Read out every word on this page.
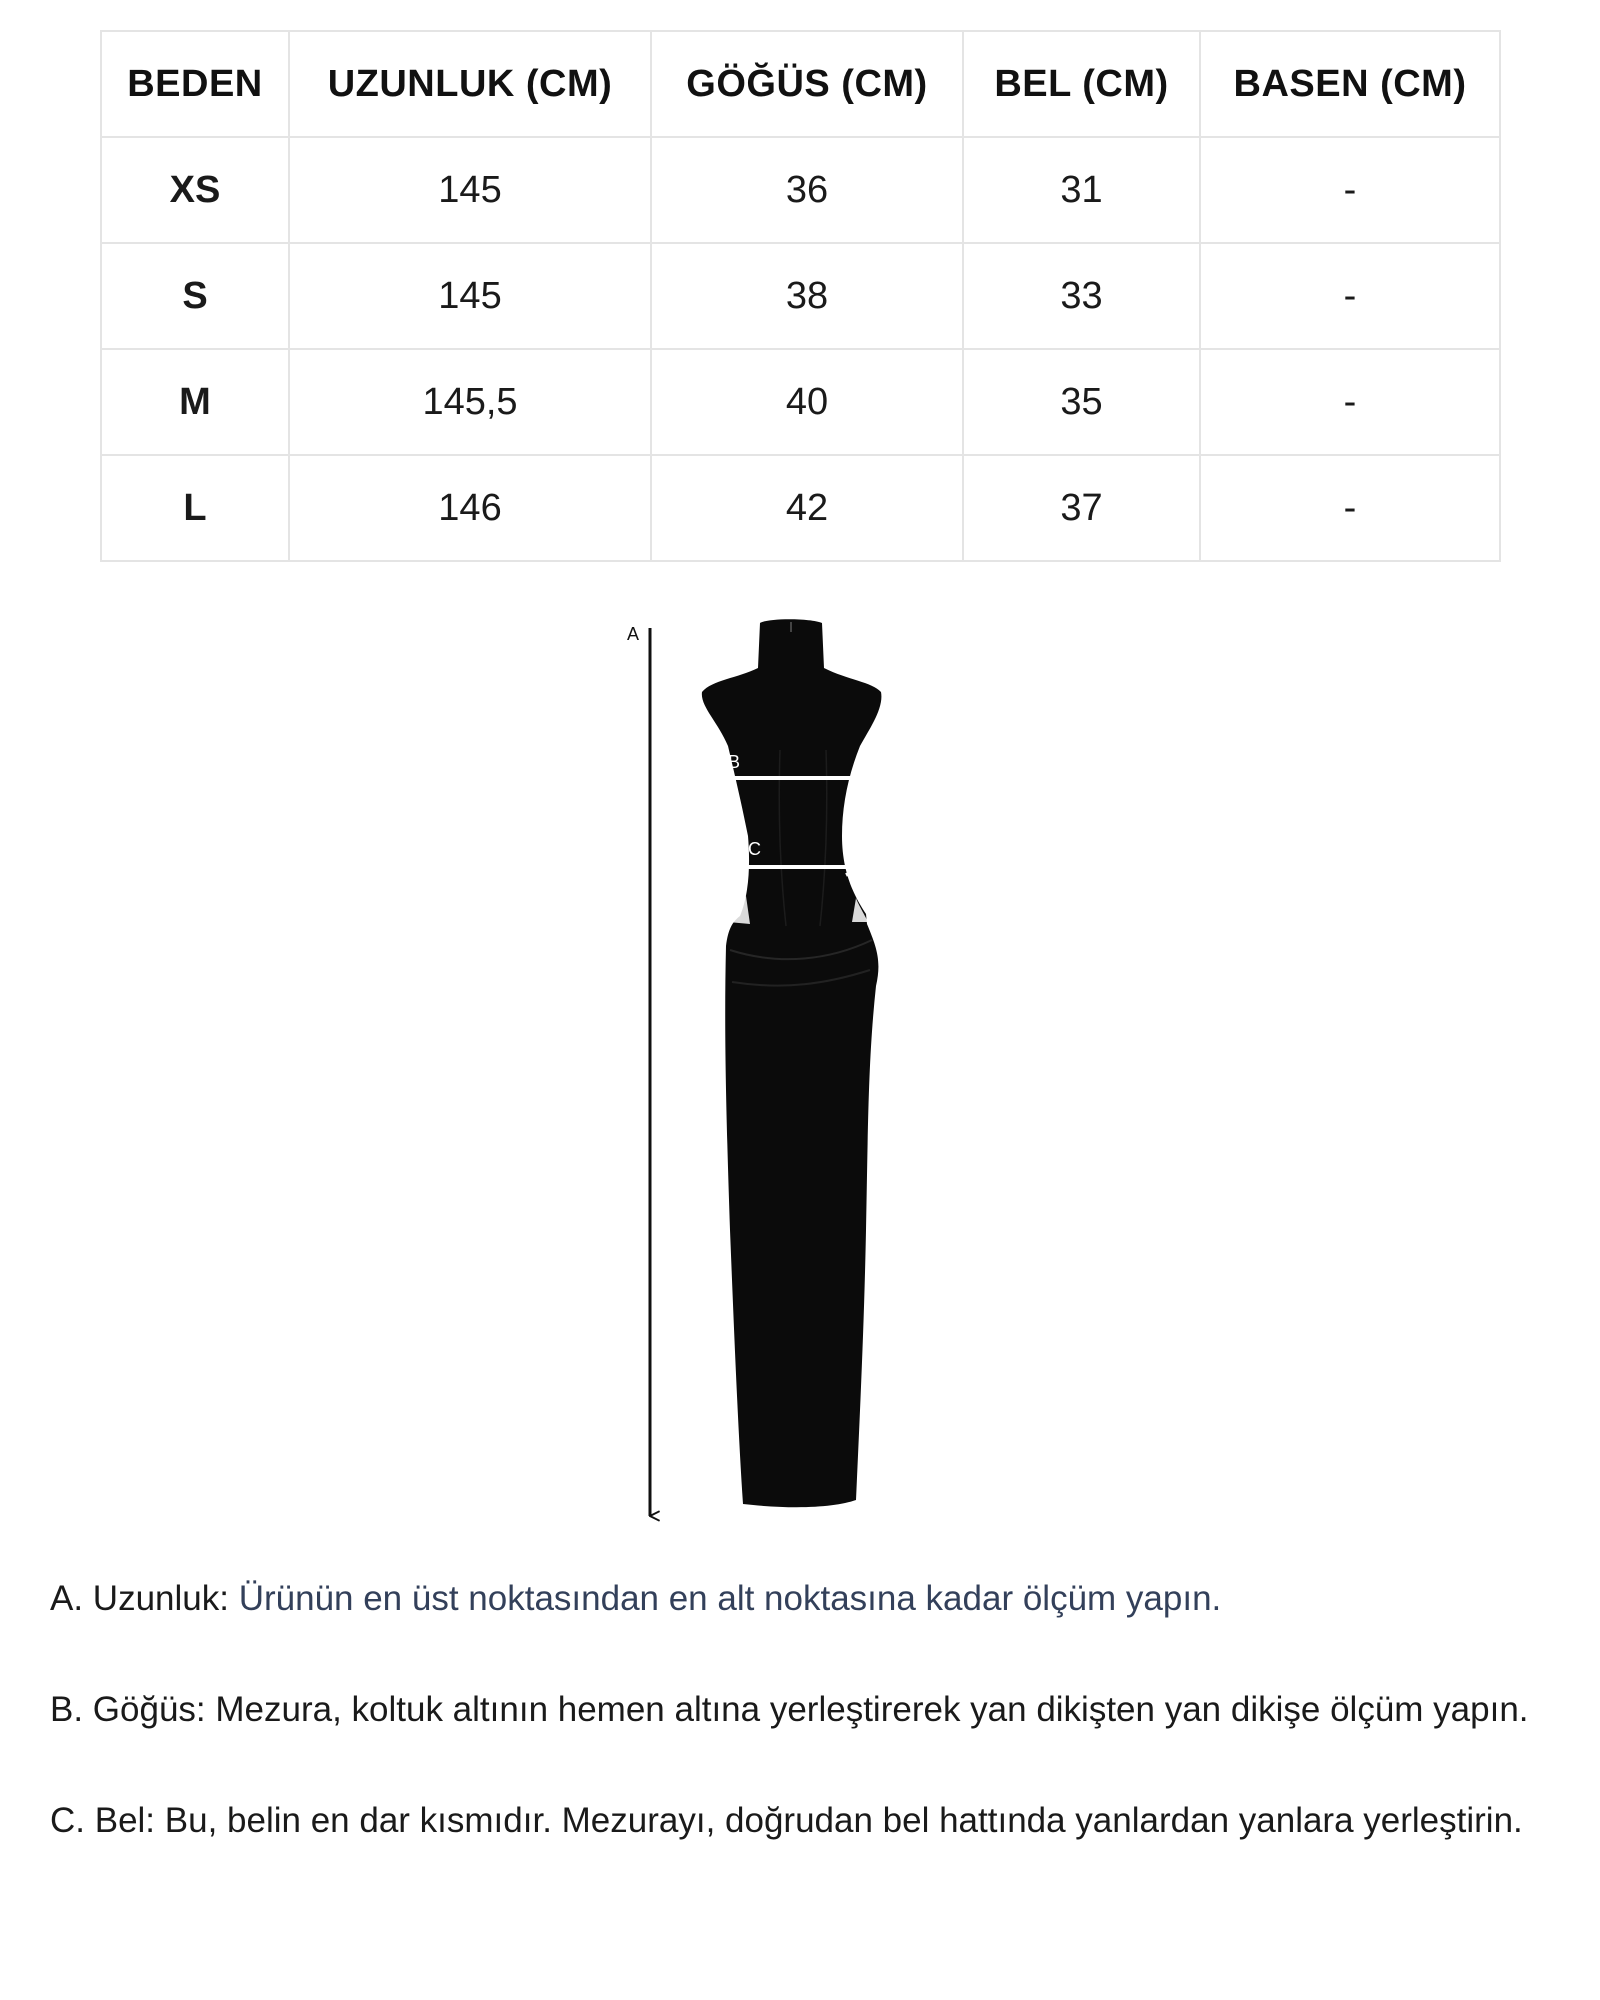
BEDEN	UZUNLUK (CM)	GÖĞÜS (CM)	BEL (CM)	BASEN (CM)
XS	145	36	31	-
S	145	38	33	-
M	145,5	40	35	-
L	146	42	37	-
A
B
C

A. Uzunluk: Ürünün en üst noktasından en alt noktasına kadar ölçüm yapın.

B. Göğüs: Mezura, koltuk altının hemen altına yerleştirerek yan dikişten yan dikişe ölçüm yapın.

C. Bel: Bu, belin en dar kısmıdır. Mezurayı, doğrudan bel hattında yanlardan yanlara yerleştirin.
